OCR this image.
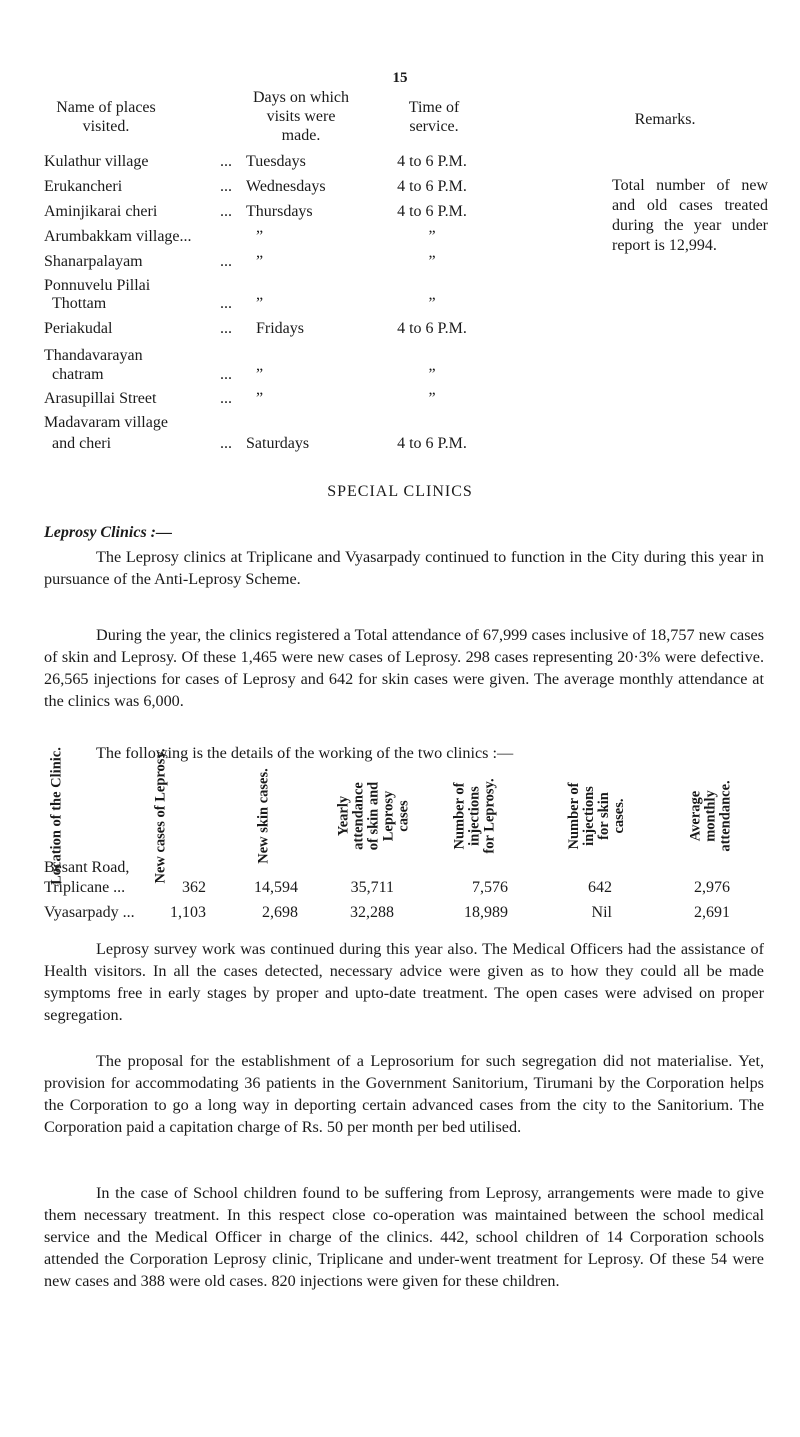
15
Name of places visited.
Days on which visits were made.
Time of service.	Remarks.
Kulathur village	... Tuesdays	4 to 6 P.M.
Erukancheri	... Wednesdays	4 to 6 P.M.
Aminjikarai cheri	... Thursdays	4 to 6 P.M.
Arumbakkam village...	”	”
Shanarpalayam	... ”	”
Ponnuvelu Pillai
Thottam	... ”	”
Periakudal	... Fridays	4 to 6 P.M.
Thandavarayan
chatram	... ”	”
Arasupillai Street	... ”	”
Madavaram village
and cheri	... Saturdays	4 to 6 P.M.
Total number of new and old cases treated during the year under report is 12,994.
SPECIAL CLINICS
Leprosy Clinics :—
The Leprosy clinics at Triplicane and Vyasarpady continued to function in the City during this year in pursuance of the Anti-Leprosy Scheme.
During the year, the clinics registered a Total attendance of 67,999 cases inclusive of 18,757 new cases of skin and Leprosy. Of these 1,465 were new cases of Leprosy. 298 cases representing 20·3% were defective. 26,565 injections for cases of Leprosy and 642 for skin cases were given. The average monthly attendance at the clinics was 6,000.
The following is the details of the working of the two clinics :—
Location of the Clinic.	New cases of Leprosy.	New skin cases.	Yearly attendance of skin and Leprosy cases	Number of injections for Leprosy.	Number of injections for skin cases.	Average monthly attendance.
Besant Road,
Triplicane ...	362	14,594	35,711	7,576	642	2,976
Vyasarpady ... 1,103	2,698	32,288	18,989	Nil	2,691
Leprosy survey work was continued during this year also. The Medical Officers had the assistance of Health visitors. In all the cases detected, necessary advice were given as to how they could all be made symptoms free in early stages by proper and upto-date treatment. The open cases were advised on proper segregation.
The proposal for the establishment of a Leprosorium for such segregation did not materialise. Yet, provision for accommodating 36 patients in the Government Sanitorium, Tirumani by the Corporation helps the Corporation to go a long way in deporting certain advanced cases from the city to the Sanitorium. The Corporation paid a capitation charge of Rs. 50 per month per bed utilised.
In the case of School children found to be suffering from Leprosy, arrangements were made to give them necessary treatment. In this respect close co-operation was maintained between the school medical service and the Medical Officer in charge of the clinics. 442, school children of 14 Corporation schools attended the Corporation Leprosy clinic, Triplicane and under-went treatment for Leprosy. Of these 54 were new cases and 388 were old cases. 820 injections were given for these children.
